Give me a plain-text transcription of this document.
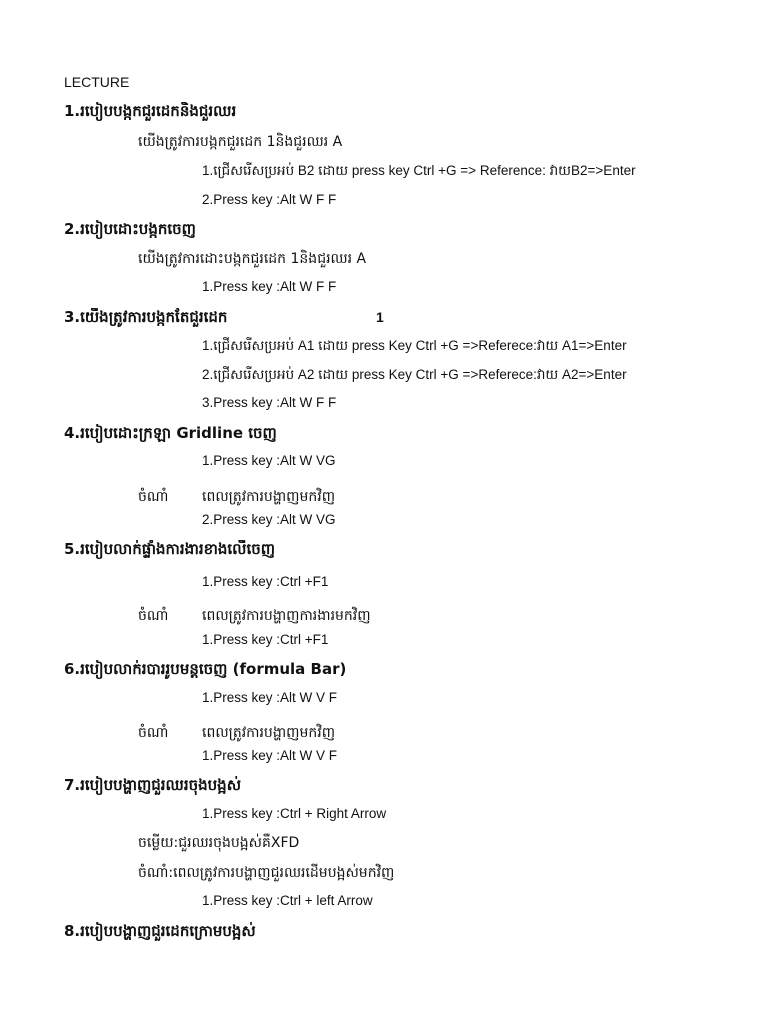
LECTURE
1.របៀបបង្កកជួរដេកនិងជួរឈរ
យើងត្រូវការបង្កកជួរដេក 1និងជួរឈរ A
1.ជ្រើសរើសប្រអប់ B2 ដោយ press key Ctrl +G => Reference: វាយB2=>Enter
2.Press key :Alt W F F
2.របៀបដោះបង្កកចេញ
យើងត្រូវការដោះបង្កកជួរដេក 1និងជួរឈរ A
1.Press key :Alt W F F
3.យើងត្រូវការបង្កកតែជួរដេក	1
1.ជ្រើសរើសប្រអប់ A1 ដោយ press Key Ctrl +G =>Referece:វាយ A1=>Enter
2.ជ្រើសរើសប្រអប់ A2 ដោយ press Key Ctrl +G =>Referece:វាយ A2=>Enter
3.Press key :Alt W F F
4.របៀបដោះក្រឡា Gridline ចេញ
1.Press key :Alt W VG
ចំណាំ ពេលត្រូវការបង្ហាញមកវិញ
2.Press key :Alt W VG
5.របៀបលាក់ផ្ទាំងការងារខាងលើចេញ
1.Press key :Ctrl +F1
ចំណាំ ពេលត្រូវការបង្ហាញការងារមកវិញ
1.Press key :Ctrl +F1
6.របៀបលាក់របាររូបមន្តចេញ (formula Bar)
1.Press key :Alt W V F
ចំណាំ ពេលត្រូវការបង្ហាញមកវិញ
1.Press key :Alt W V F
7.របៀបបង្ហាញជួរឈរចុងបង្អស់
1.Press key :Ctrl + Right Arrow
ចម្លើយ:ជួរឈរចុងបង្អស់គឺXFD
ចំណាំ:ពេលត្រូវការបង្ហាញជួរឈរដើមបង្អស់មកវិញ
1.Press key :Ctrl + left Arrow
8.របៀបបង្ហាញជួរដេកក្រោមបង្អស់
